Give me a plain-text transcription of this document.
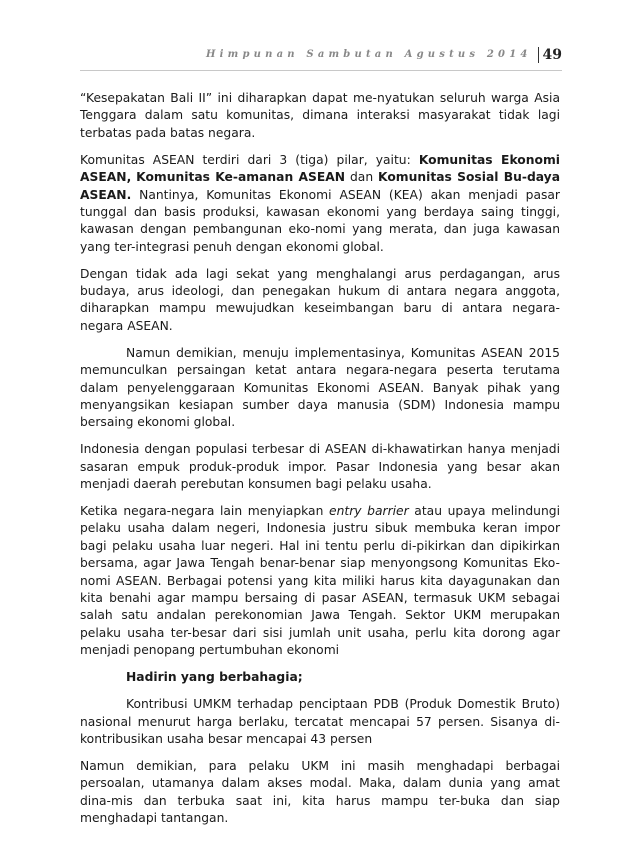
Himpunan Sambutan Agustus 2014 49

“Kesepakatan Bali II” ini diharapkan dapat me-nyatukan seluruh warga Asia Tenggara dalam satu komunitas, dimana interaksi masyarakat tidak lagi terbatas pada batas negara.

Komunitas ASEAN terdiri dari 3 (tiga) pilar, yaitu: Komunitas Ekonomi ASEAN, Komunitas Ke-amanan ASEAN dan Komunitas Sosial Bu-daya ASEAN. Nantinya, Komunitas Ekonomi ASEAN (KEA) akan menjadi pasar tunggal dan basis produksi, kawasan ekonomi yang berdaya saing tinggi, kawasan dengan pembangunan eko-nomi yang merata, dan juga kawasan yang ter-integrasi penuh dengan ekonomi global.

Dengan tidak ada lagi sekat yang menghalangi arus perdagangan, arus budaya, arus ideologi, dan penegakan hukum di antara negara anggota, diharapkan mampu mewujudkan keseimbangan baru di antara negara-negara ASEAN.

Namun demikian, menuju implementasinya, Komunitas ASEAN 2015 memunculkan persaingan ketat antara negara-negara peserta terutama dalam penyelenggaraan Komunitas Ekonomi ASEAN. Banyak pihak yang menyangsikan kesiapan sumber daya manusia (SDM) Indonesia mampu bersaing ekonomi global.

Indonesia dengan populasi terbesar di ASEAN di-khawatirkan hanya menjadi sasaran empuk produk-produk impor. Pasar Indonesia yang besar akan menjadi daerah perebutan konsumen bagi pelaku usaha.

Ketika negara-negara lain menyiapkan entry barrier atau upaya melindungi pelaku usaha dalam negeri, Indonesia justru sibuk membuka keran impor bagi pelaku usaha luar negeri. Hal ini tentu perlu di-pikirkan dan dipikirkan bersama, agar Jawa Tengah benar-benar siap menyongsong Komunitas Eko-nomi ASEAN. Berbagai potensi yang kita miliki harus kita dayagunakan dan kita benahi agar mampu bersaing di pasar ASEAN, termasuk UKM sebagai salah satu andalan perekonomian Jawa Tengah. Sektor UKM merupakan pelaku usaha ter-besar dari sisi jumlah unit usaha, perlu kita dorong agar menjadi penopang pertumbuhan ekonomi

Hadirin yang berbahagia;

Kontribusi UMKM terhadap penciptaan PDB (Produk Domestik Bruto) nasional menurut harga berlaku, tercatat mencapai 57 persen. Sisanya di-kontribusikan usaha besar mencapai 43 persen

Namun demikian, para pelaku UKM ini masih menghadapi berbagai persoalan, utamanya dalam akses modal. Maka, dalam dunia yang amat dina-mis dan terbuka saat ini, kita harus mampu ter-buka dan siap menghadapi tantangan.
